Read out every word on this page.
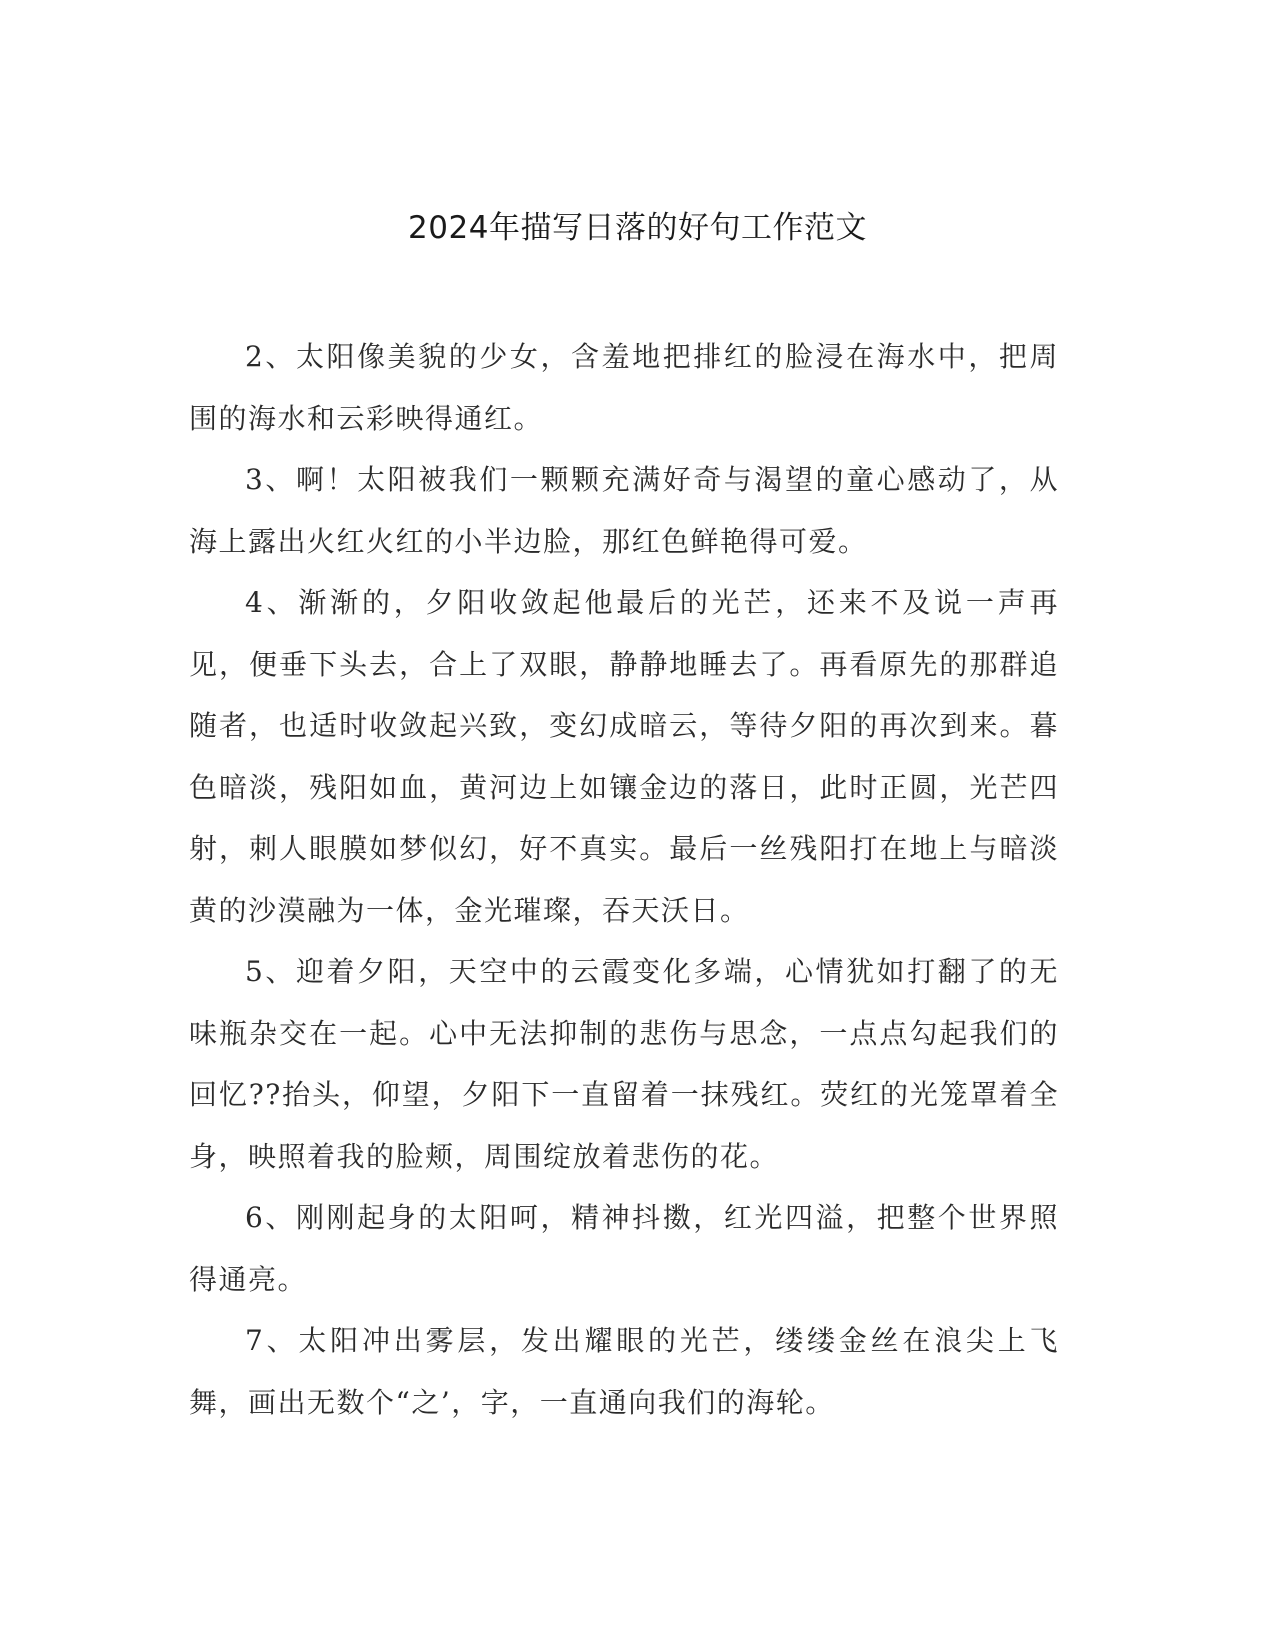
2024年描写日落的好句工作范文

2、太阳像美貌的少女，含羞地把排红的脸浸在海水中，把周围的海水和云彩映得通红。

3、啊！太阳被我们一颗颗充满好奇与渴望的童心感动了，从海上露出火红火红的小半边脸，那红色鲜艳得可爱。

4、渐渐的，夕阳收敛起他最后的光芒，还来不及说一声再见，便垂下头去，合上了双眼，静静地睡去了。再看原先的那群追随者，也适时收敛起兴致，变幻成暗云，等待夕阳的再次到来。暮色暗淡，残阳如血，黄河边上如镶金边的落日，此时正圆，光芒四射，刺人眼膜如梦似幻，好不真实。最后一丝残阳打在地上与暗淡黄的沙漠融为一体，金光璀璨，吞天沃日。

5、迎着夕阳，天空中的云霞变化多端，心情犹如打翻了的无味瓶杂交在一起。心中无法抑制的悲伤与思念，一点点勾起我们的回忆??抬头，仰望，夕阳下一直留着一抹残红。荧红的光笼罩着全身，映照着我的脸颊，周围绽放着悲伤的花。

6、刚刚起身的太阳呵，精神抖擞，红光四溢，把整个世界照得通亮。

7、太阳冲出雾层，发出耀眼的光芒，缕缕金丝在浪尖上飞舞，画出无数个“之’，字，一直通向我们的海轮。
